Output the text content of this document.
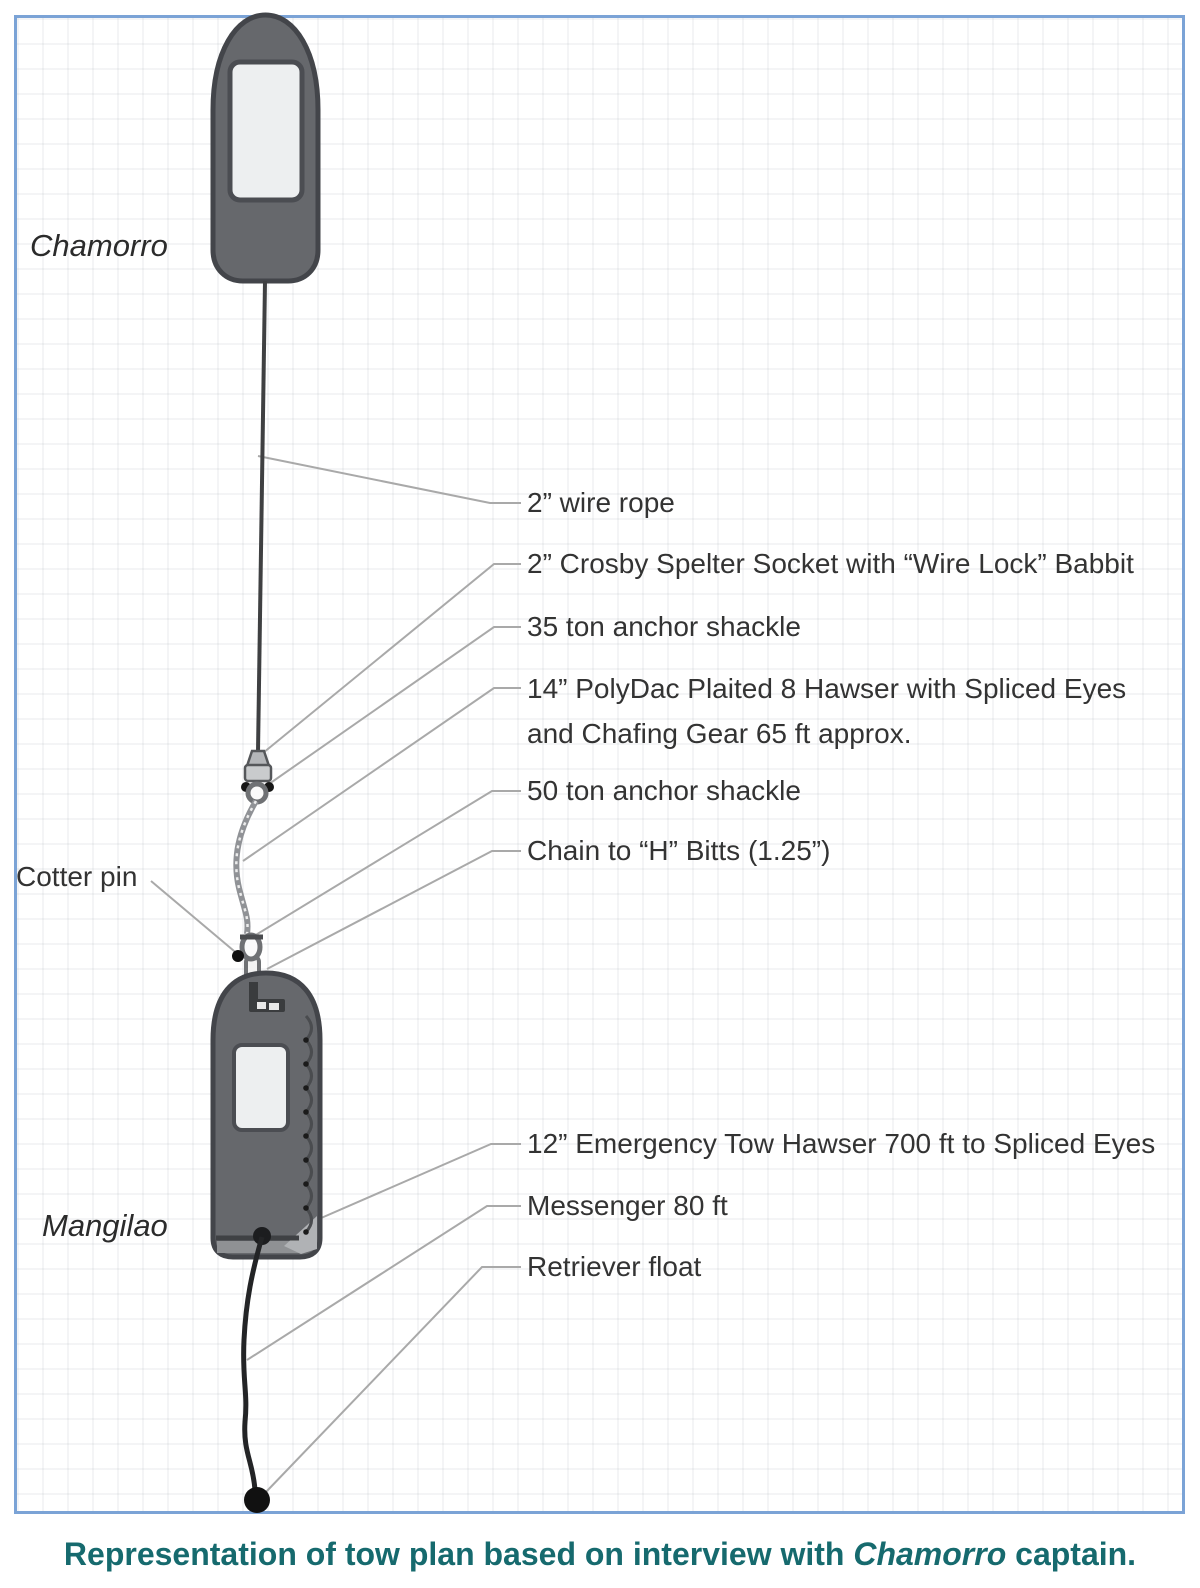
Chamorro
Mangilao
Cotter pin
2” wire rope
2” Crosby Spelter Socket with “Wire Lock” Babbit
35 ton anchor shackle
14” PolyDac Plaited 8 Hawser with Spliced Eyes
and Chafing Gear 65 ft approx.
50 ton anchor shackle
Chain to “H” Bitts (1.25”)
12” Emergency Tow Hawser 700 ft to Spliced Eyes
Messenger 80 ft
Retriever float
Representation of tow plan based on interview with Chamorro captain.
